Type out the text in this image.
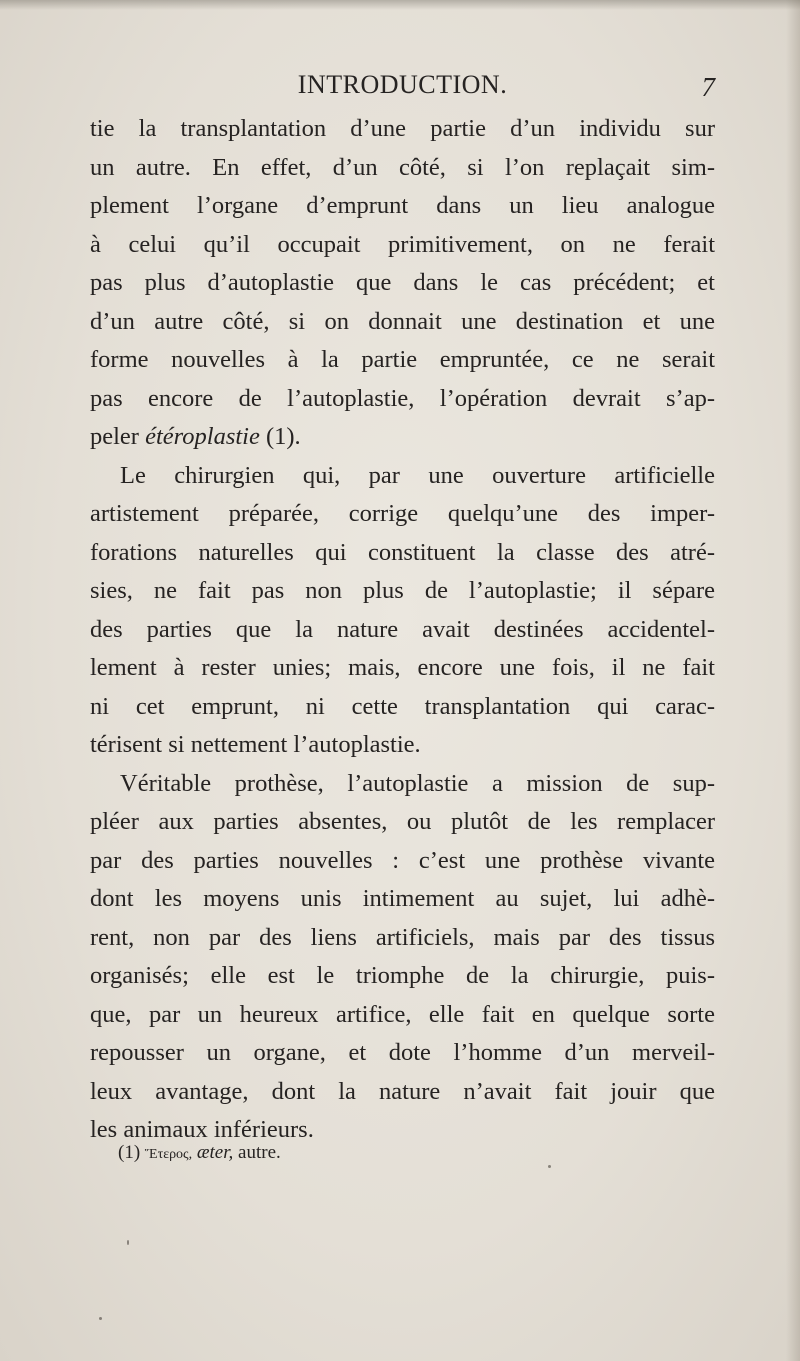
INTRODUCTION.	7
tie la transplantation d’une partie d’un individu sur
un autre. En effet, d’un côté, si l’on replaçait sim-
plement l’organe d’emprunt dans un lieu analogue
à celui qu’il occupait primitivement, on ne ferait
pas plus d’autoplastie que dans le cas précédent; et
d’un autre côté, si on donnait une destination et une
forme nouvelles à la partie empruntée, ce ne serait
pas encore de l’autoplastie, l’opération devrait s’ap-
peler étéroplastie (1).
Le chirurgien qui, par une ouverture artificielle
artistement préparée, corrige quelqu’une des imper-
forations naturelles qui constituent la classe des atré-
sies, ne fait pas non plus de l’autoplastie; il sépare
des parties que la nature avait destinées accidentel-
lement à rester unies; mais, encore une fois, il ne fait
ni cet emprunt, ni cette transplantation qui carac-
térisent si nettement l’autoplastie.
Véritable prothèse, l’autoplastie a mission de sup-
pléer aux parties absentes, ou plutôt de les remplacer
par des parties nouvelles : c’est une prothèse vivante
dont les moyens unis intimement au sujet, lui adhè-
rent, non par des liens artificiels, mais par des tissus
organisés; elle est le triomphe de la chirurgie, puis-
que, par un heureux artifice, elle fait en quelque sorte
repousser un organe, et dote l’homme d’un merveil-
leux avantage, dont la nature n’avait fait jouir que
les animaux inférieurs.
(1) Ἕτερος, æter, autre.
